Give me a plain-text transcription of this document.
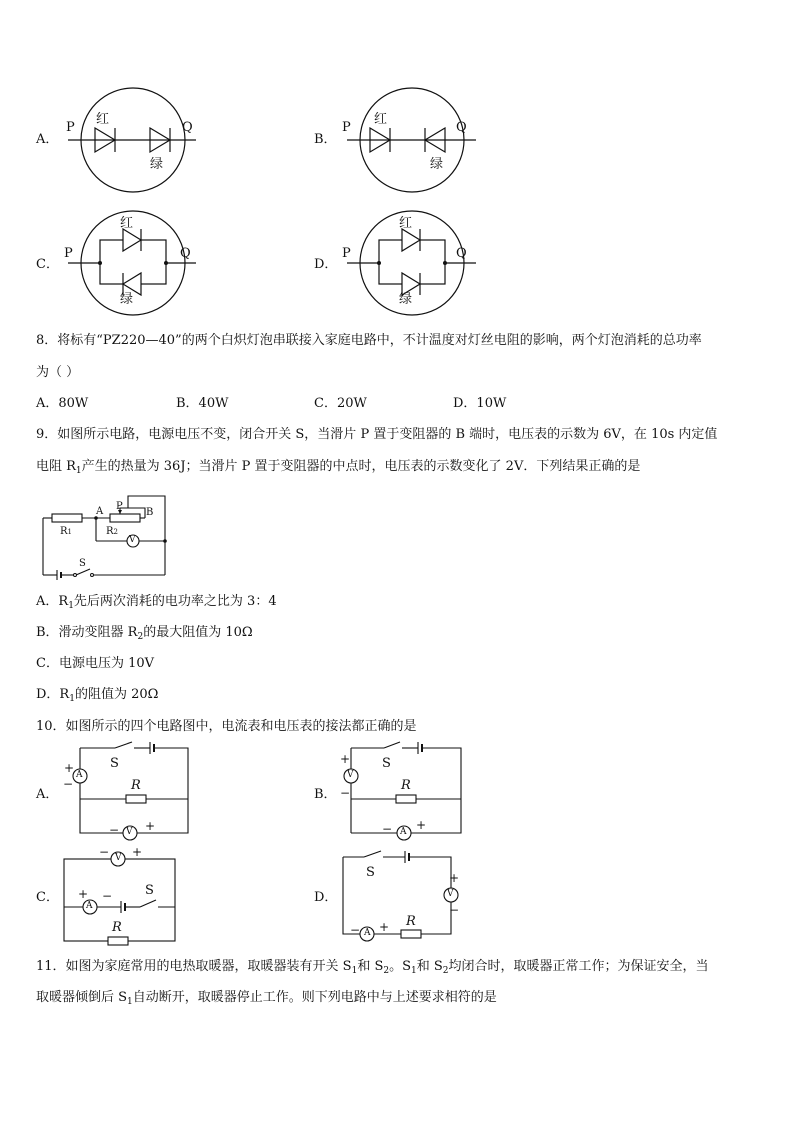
A．
P
红
绿
Q
B．
P
红
绿
Q
C．
P
红
绿
Q
D．
P
红
绿
Q
8．将标有“PZ220—40”的两个白炽灯泡串联接入家庭电路中，不计温度对灯丝电阻的影响，两个灯泡消耗的总功率
为（ ）
A．80W	B．40W	C．20W	D．10W
9．如图所示电路，电源电压不变，闭合开关 S，当滑片 P 置于变阻器的 B 端时，电压表的示数为 6V，在 10s 内定值
电阻 $R_1$产生的热量为 36J；当滑片 P 置于变阻器的中点时，电压表的示数变化了 2V．下列结果正确的是
A P
B
R1	R2
V
S
A．$R_1$先后两次消耗的电功率之比为 3：4
B．滑动变阻器 $R_2$的最大阻值为 10Ω
C．电源电压为 10V
D．$R_1$的阻值为 20Ω
10．如图所示的四个电路图中，电流表和电压表的接法都正确的是
A．	B．
C．	D．
S
R
A
+
−
V
− +
S
R
V
+
−
A
− +
V
− +
A
+ −	S
R
S
V
+
−
A
− + R
11．如图为家庭常用的电热取暖器，取暖器装有开关 $S_1$和 $S_2$。$S_1$和 $S_2$均闭合时，取暖器正常工作；为保证安全，当
取暖器倾倒后 $S_1$自动断开，取暖器停止工作。则下列电路中与上述要求相符的是
